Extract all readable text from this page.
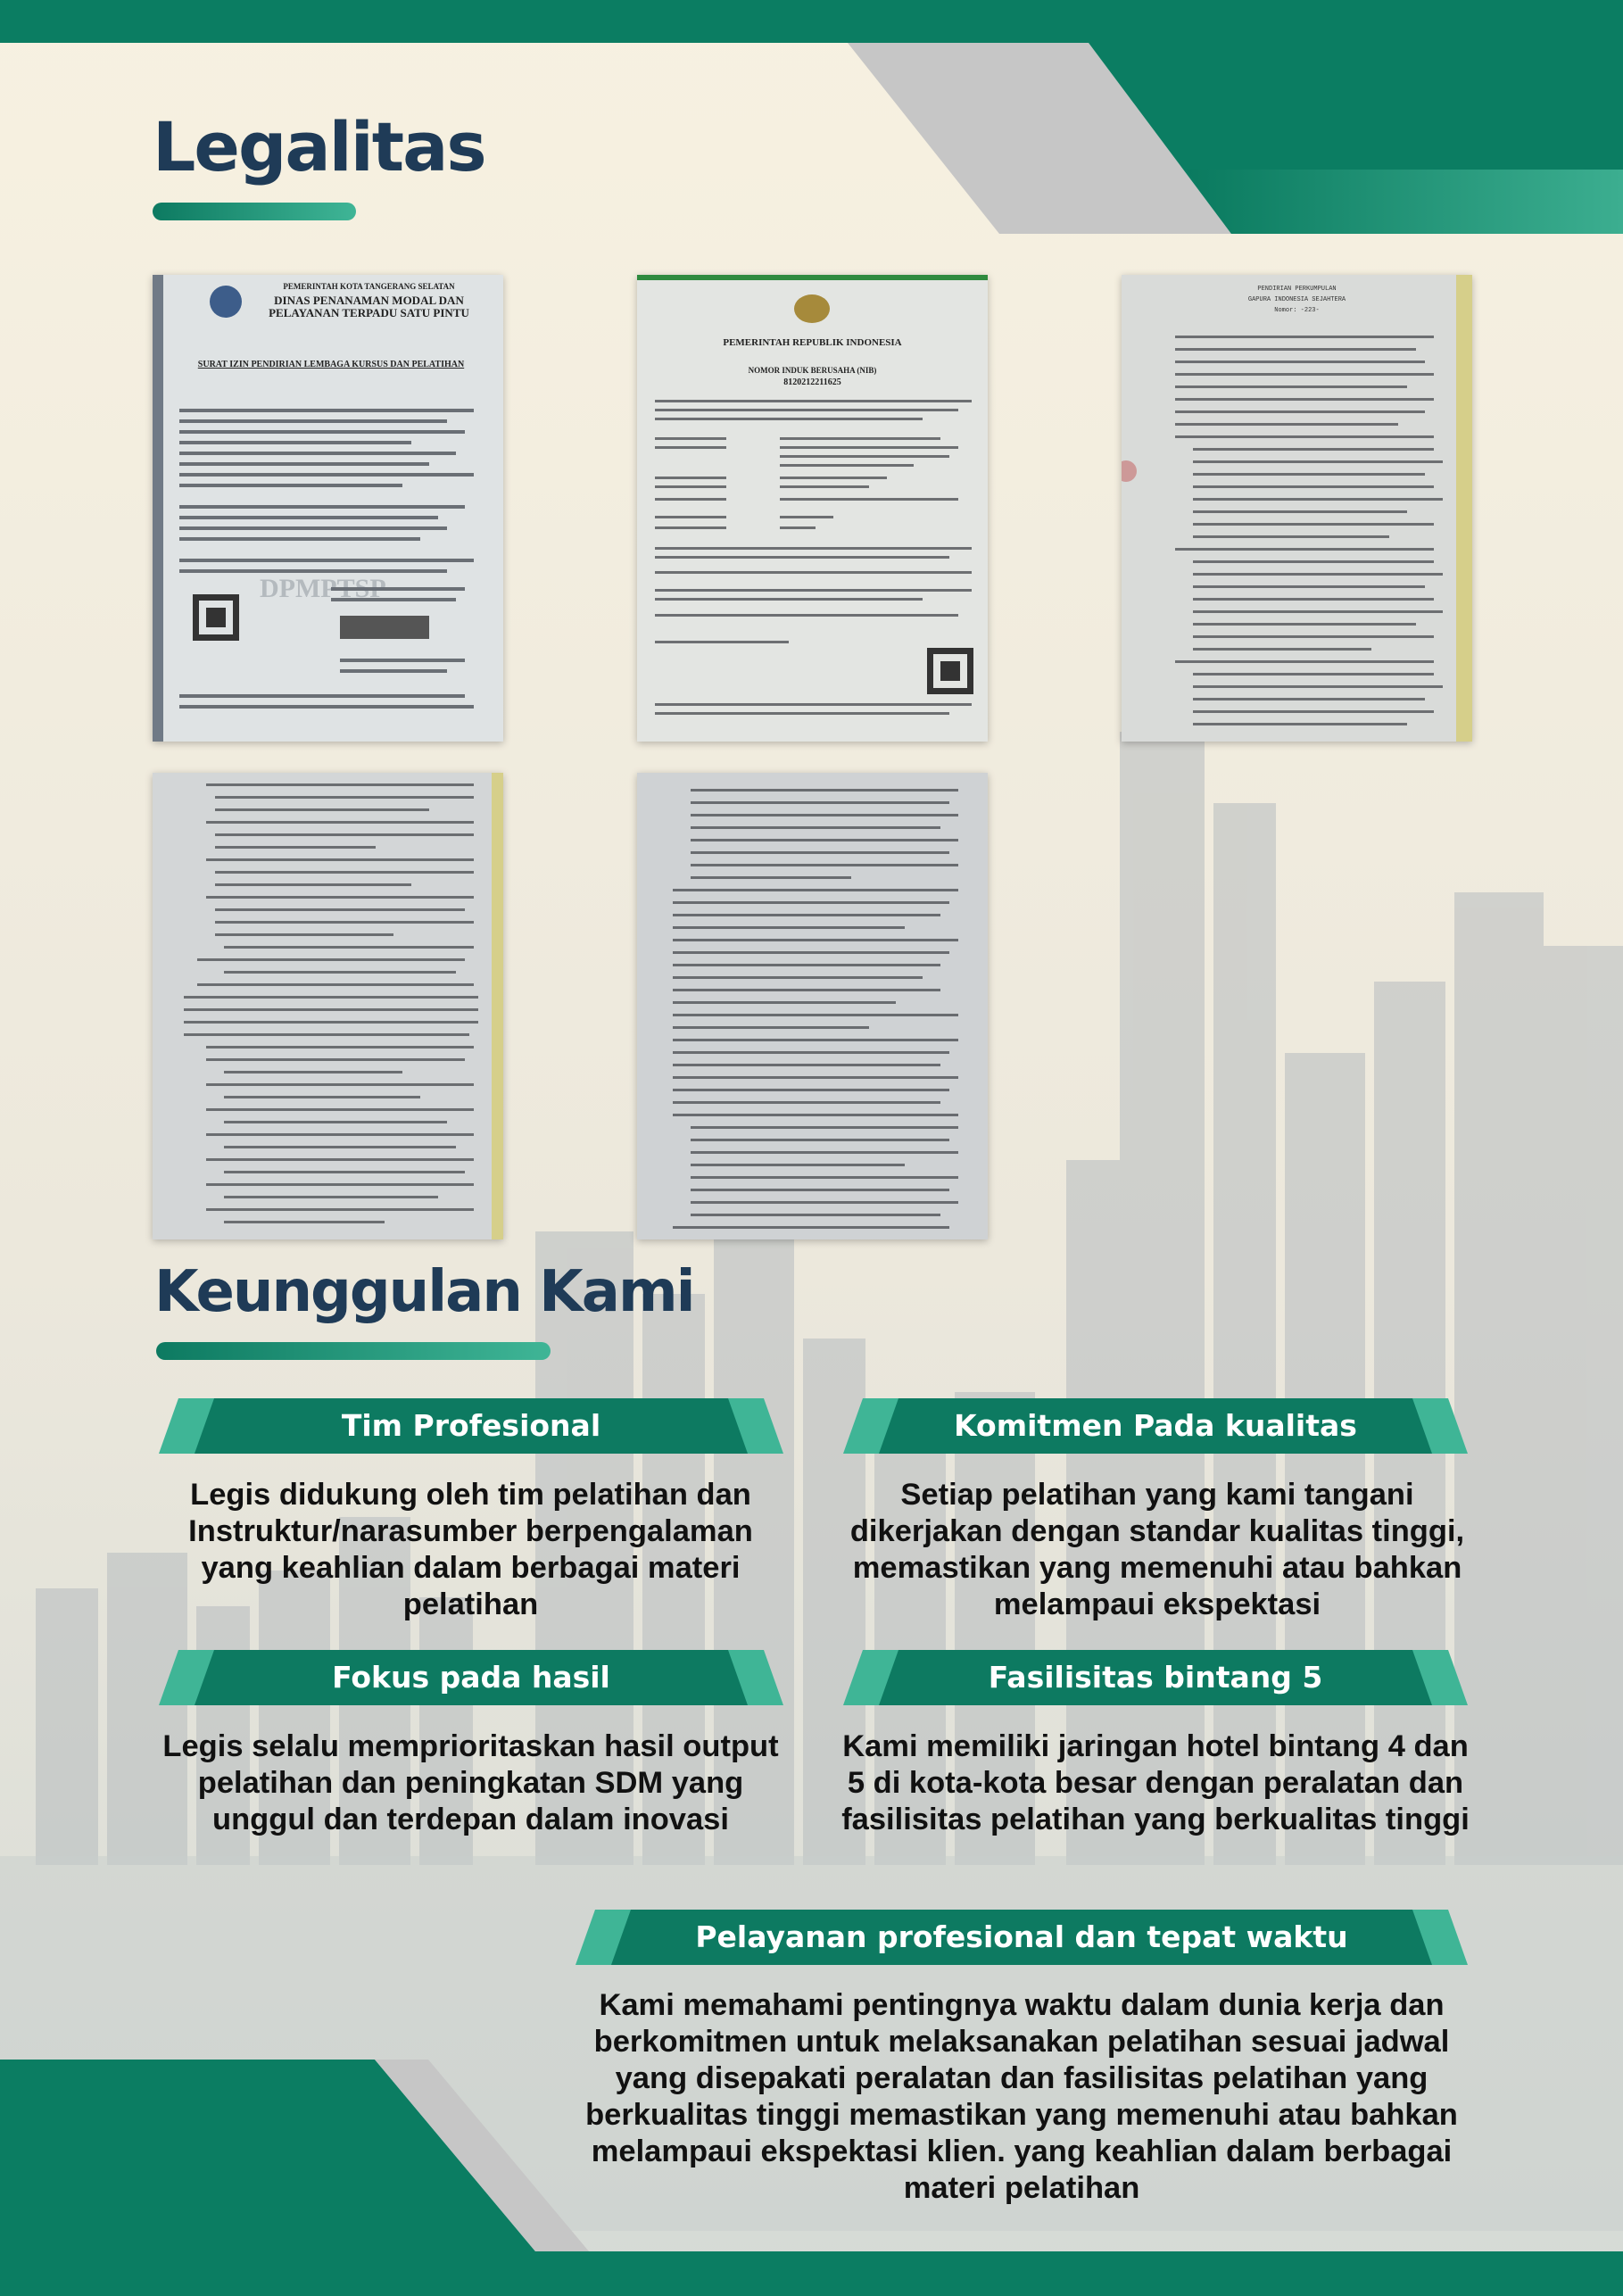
Legalitas
PEMERINTAH KOTA TANGERANG SELATAN
DINAS PENANAMAN MODAL DAN PELAYANAN TERPADU SATU PINTU
SURAT IZIN PENDIRIAN LEMBAGA KURSUS DAN PELATIHAN
DPMPTSP
PEMERINTAH REPUBLIK INDONESIA
NOMOR INDUK BERUSAHA (NIB)
8120212211625
PENDIRIAN PERKUMPULAN
GAPURA INDONESIA SEJAHTERA
Nomor: -223-
Keunggulan Kami
Tim Profesional

Legis didukung oleh tim pelatihan dan Instruktur/narasumber berpengalaman yang keahlian dalam berbagai materi pelatihan

Komitmen Pada kualitas

Setiap pelatihan yang kami tangani dikerjakan dengan standar kualitas tinggi, memastikan yang memenuhi atau bahkan melampaui ekspektasi

Fokus pada hasil

Legis selalu memprioritaskan hasil output pelatihan dan peningkatan SDM yang unggul dan terdepan dalam inovasi

Fasilisitas bintang 5

Kami memiliki jaringan hotel bintang 4 dan 5 di kota-kota besar dengan peralatan dan fasilisitas pelatihan yang berkualitas tinggi

Pelayanan profesional dan tepat waktu

Kami memahami pentingnya waktu dalam dunia kerja dan berkomitmen untuk melaksanakan pelatihan sesuai jadwal yang disepakati peralatan dan fasilisitas pelatihan yang berkualitas tinggi memastikan yang memenuhi atau bahkan melampaui ekspektasi klien. yang keahlian dalam berbagai materi pelatihan
